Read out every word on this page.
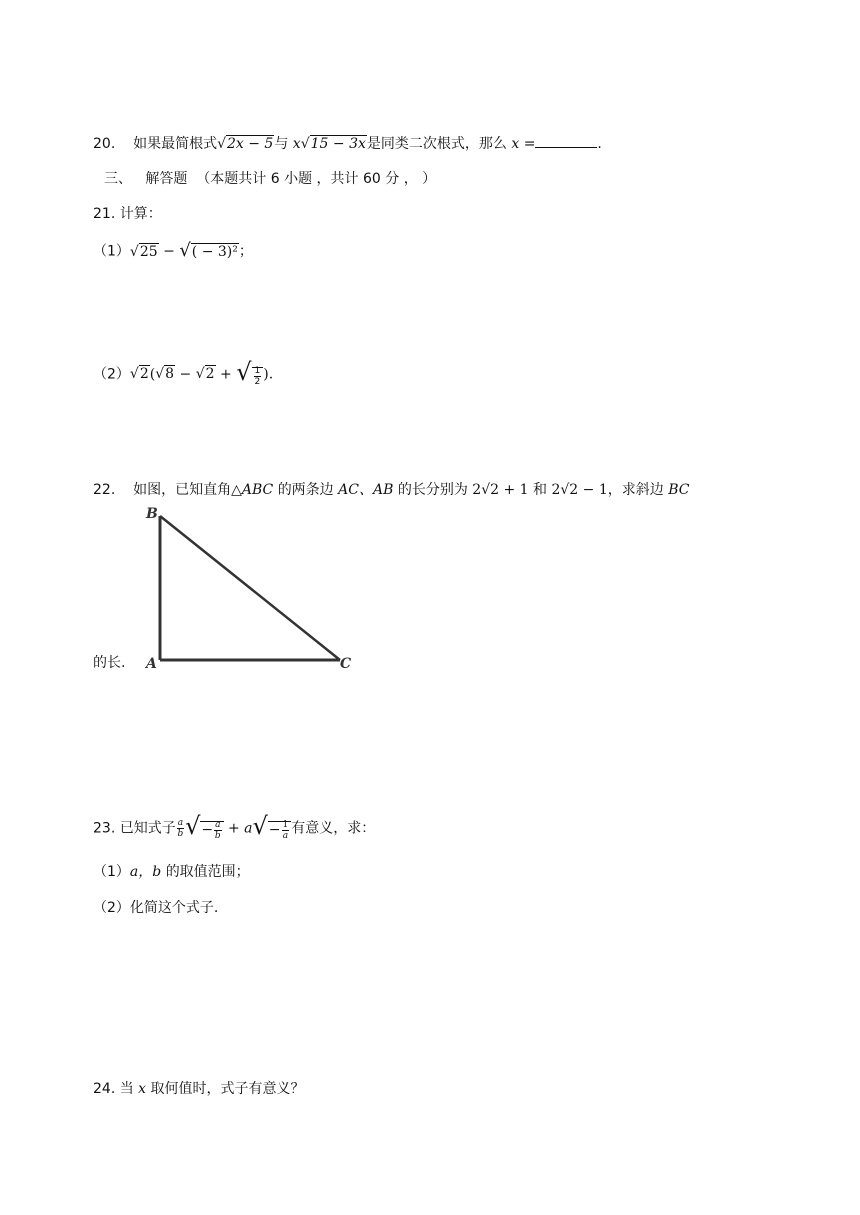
20. 如果最简根式√2x − 5与 x√15 − 3x是同类二次根式，那么 x =	.
三、 解答题 （本题共计 6 小题 ，共计 60 分 ， ）
21. 计算：
（1）√25 − √( − 3)²；
（2）√2(√8 − √2 + √ $\frac{1}{2}$ ).
22. 如图，已知直角△ABC 的两条边 AC、AB 的长分别为 2√2 + 1 和 2√2 − 1，求斜边 BC
的长.
B
A	C
23. 已知式子 $\frac{a}{b}$ √− $\frac{a}{b} + a√- \frac{1}{a}$ 有意义，求：
（1）a，b 的取值范围；
（2）化简这个式子.
24. 当 x 取何值时，式子有意义？
